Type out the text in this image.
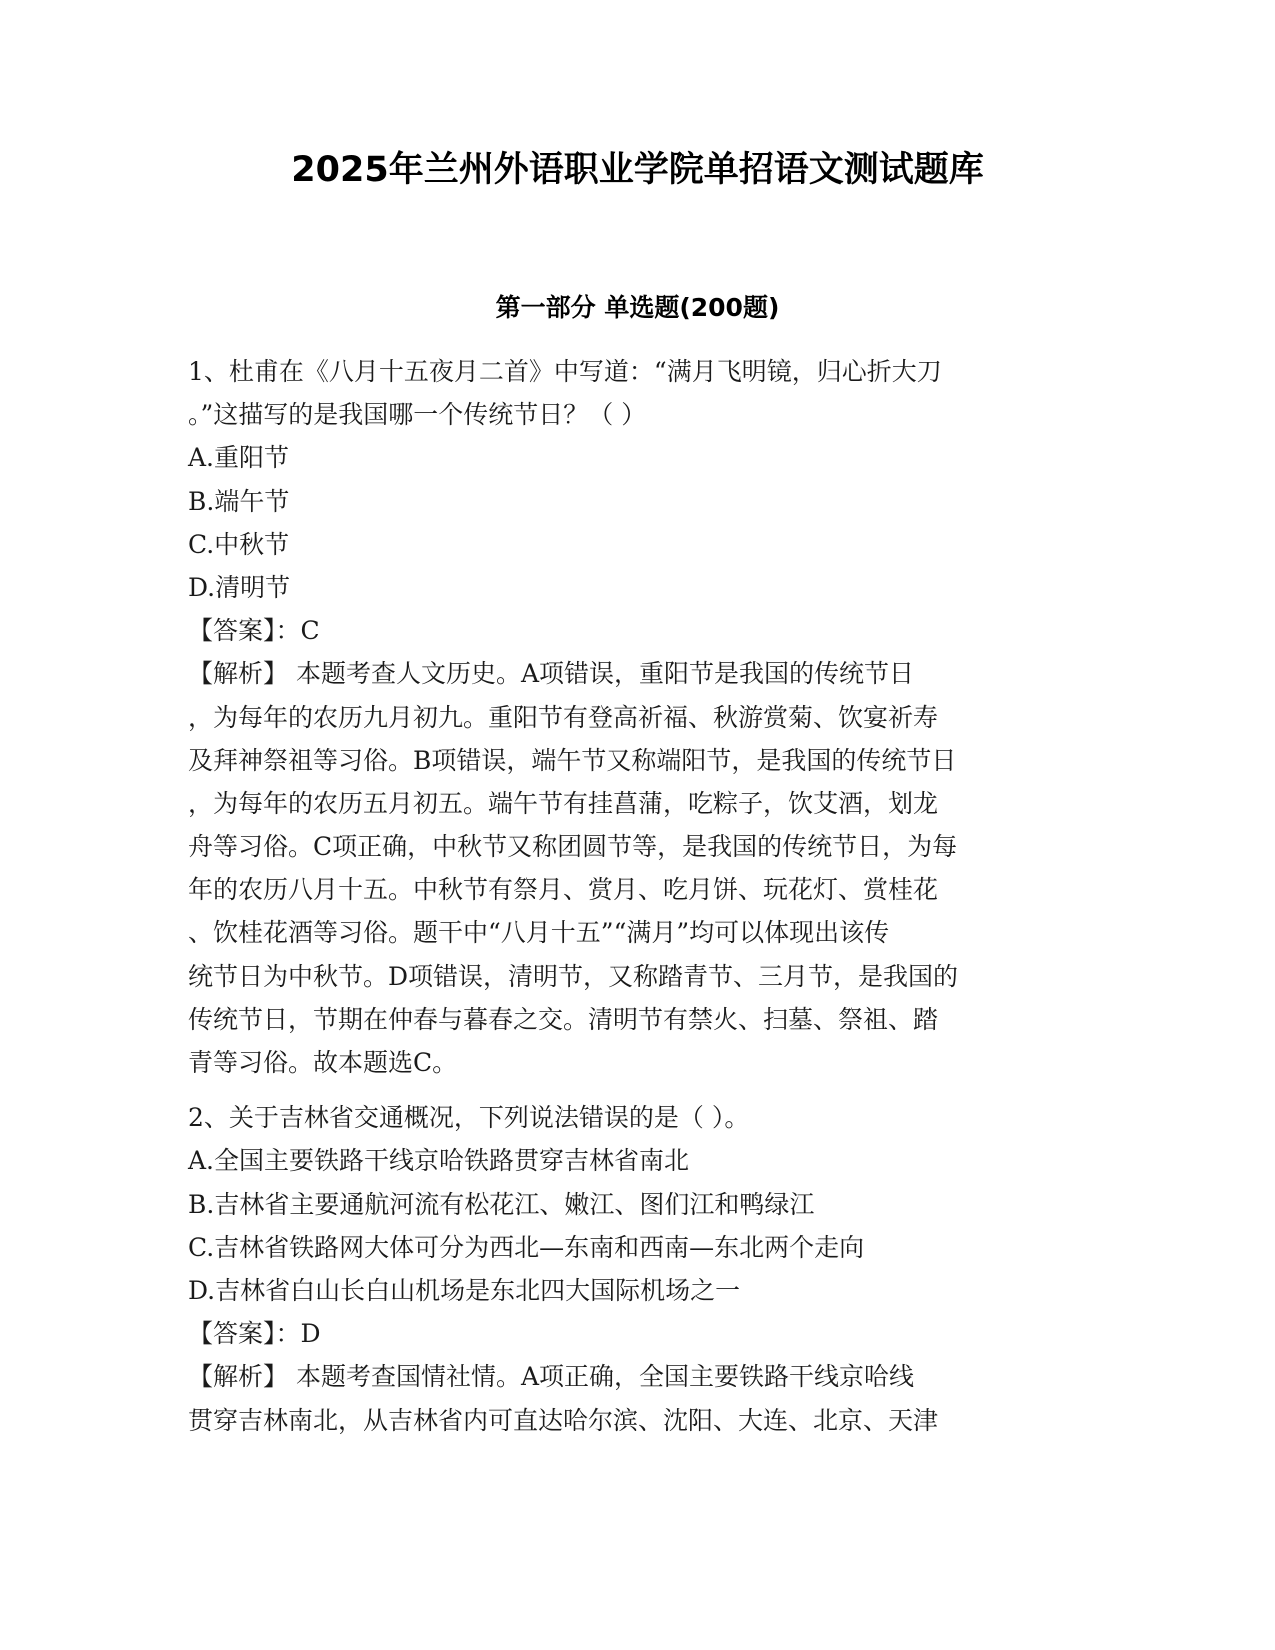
2025年兰州外语职业学院单招语文测试题库
第一部分 单选题(200题)
1、杜甫在《八月十五夜月二首》中写道：“满月飞明镜，归心折大刀
。”这描写的是我国哪一个传统节日？（ ）
A.重阳节
B.端午节
C.中秋节
D.清明节
【答案】：C
【解析】 本题考查人文历史。A项错误，重阳节是我国的传统节日
，为每年的农历九月初九。重阳节有登高祈福、秋游赏菊、饮宴祈寿
及拜神祭祖等习俗。B项错误，端午节又称端阳节，是我国的传统节日
，为每年的农历五月初五。端午节有挂菖蒲，吃粽子，饮艾酒，划龙
舟等习俗。C项正确，中秋节又称团圆节等，是我国的传统节日，为每
年的农历八月十五。中秋节有祭月、赏月、吃月饼、玩花灯、赏桂花
、饮桂花酒等习俗。题干中“八月十五”“满月”均可以体现出该传
统节日为中秋节。D项错误，清明节，又称踏青节、三月节，是我国的
传统节日，节期在仲春与暮春之交。清明节有禁火、扫墓、祭祖、踏
青等习俗。故本题选C。
2、关于吉林省交通概况，下列说法错误的是（ ）。
A.全国主要铁路干线京哈铁路贯穿吉林省南北
B.吉林省主要通航河流有松花江、嫩江、图们江和鸭绿江
C.吉林省铁路网大体可分为西北—东南和西南—东北两个走向
D.吉林省白山长白山机场是东北四大国际机场之一
【答案】：D
【解析】 本题考查国情社情。A项正确，全国主要铁路干线京哈线
贯穿吉林南北，从吉林省内可直达哈尔滨、沈阳、大连、北京、天津
